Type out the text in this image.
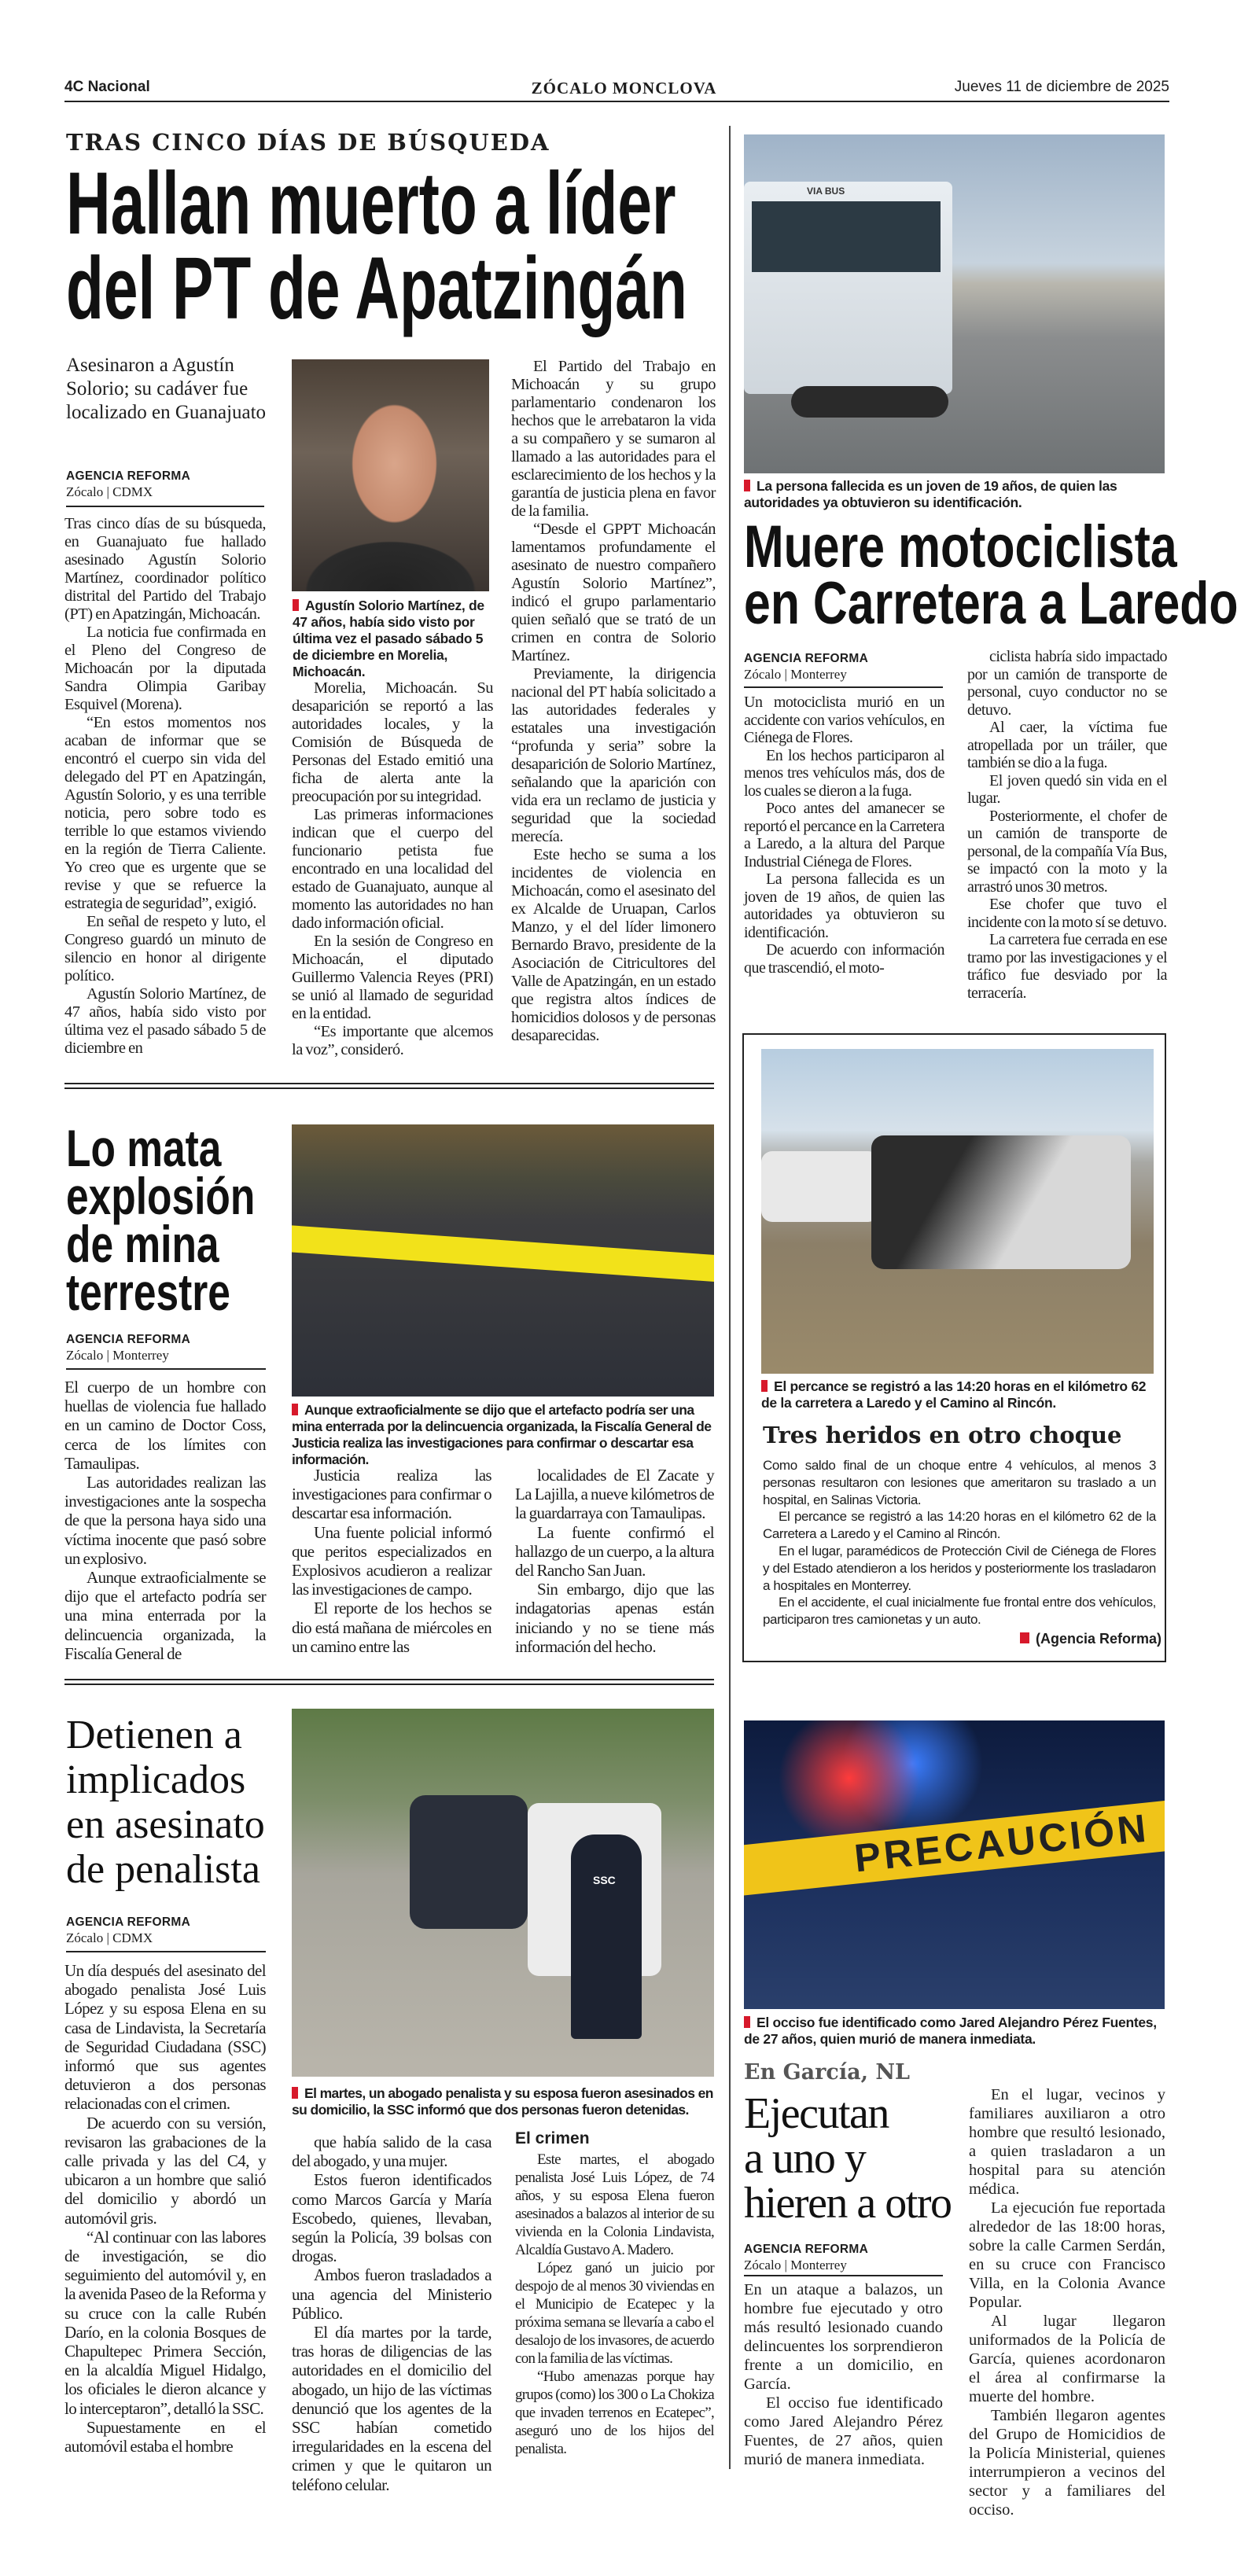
4C Nacional	ZÓCALO MONCLOVA	Jueves 11 de diciembre de 2025
TRAS CINCO DÍAS DE BÚSQUEDA
Hallan muerto a líder
del PT de Apatzingán
Asesinaron a Agustín Solorio; su cadáver fue localizado en Guanajuato
AGENCIA REFORMA
Zócalo | CDMX

Tras cinco días de su búsqueda, en Guanajuato fue hallado asesinado Agustín Solorio Martínez, coordinador político distrital del Partido del Trabajo (PT) en Apatzingán, Michoacán.

La noticia fue confirmada en el Pleno del Congreso de Michoacán por la diputada Sandra Olimpia Garibay Esquivel (Morena).

“En estos momentos nos acaban de informar que se encontró el cuerpo sin vida del delegado del PT en Apatzingán, Agustín Solorio, y es una terrible noticia, pero sobre todo es terrible lo que estamos viviendo en la región de Tierra Caliente. Yo creo que es urgente que se revise y que se refuerce la estrategia de seguridad”, exigió.

En señal de respeto y luto, el Congreso guardó un minuto de silencio en honor al dirigente político.

Agustín Solorio Martínez, de 47 años, había sido visto por última vez el pasado sábado 5 de diciembre en

Agustín Solorio Martínez, de 47 años, había sido visto por última vez el pasado sábado 5 de diciembre en Morelia, Michoacán.

Morelia, Michoacán. Su desaparición se reportó a las autoridades locales, y la Comisión de Búsqueda de Personas del Estado emitió una ficha de alerta ante la preocupación por su integridad.

Las primeras informaciones indican que el cuerpo del funcionario petista fue encontrado en una localidad del estado de Guanajuato, aunque al momento las autoridades no han dado información oficial.

En la sesión de Congreso en Michoacán, el diputado Guillermo Valencia Reyes (PRI) se unió al llamado de seguridad en la entidad.

“Es importante que alcemos la voz”, consideró.

El Partido del Trabajo en Michoacán y su grupo parlamentario condenaron los hechos que le arrebataron la vida a su compañero y se sumaron al llamado a las autoridades para el esclarecimiento de los hechos y la garantía de justicia plena en favor de la familia.

“Desde el GPPT Michoacán lamentamos profundamente el asesinato de nuestro compañero Agustín Solorio Martínez”, indicó el grupo parlamentario quien señaló que se trató de un crimen en contra de Solorio Martínez.

Previamente, la dirigencia nacional del PT había solicitado a las autoridades federales y estatales una investigación “profunda y seria” sobre la desaparición de Solorio Martínez, señalando que la aparición con vida era un reclamo de justicia y seguridad que la sociedad merecía.

Este hecho se suma a los incidentes de violencia en Michoacán, como el asesinato del ex Alcalde de Uruapan, Carlos Manzo, y el del líder limonero Bernardo Bravo, presidente de la Asociación de Citricultores del Valle de Apatzingán, en un estado que registra altos índices de homicidios dolosos y de personas desaparecidas.

VIA BUS
La persona fallecida es un joven de 19 años, de quien las autoridades ya obtuvieron su identificación.
Muere motociclista
en Carretera a Laredo
AGENCIA REFORMA
Zócalo | Monterrey

Un motociclista murió en un accidente con varios vehículos, en Ciénega de Flores.

En los hechos participaron al menos tres vehículos más, dos de los cuales se dieron a la fuga.

Poco antes del amanecer se reportó el percance en la Carretera a Laredo, a la altura del Parque Industrial Ciénega de Flores.

La persona fallecida es un joven de 19 años, de quien las autoridades ya obtuvieron su identificación.

De acuerdo con información que trascendió, el moto-

ciclista habría sido impactado por un camión de transporte de personal, cuyo conductor no se detuvo.

Al caer, la víctima fue atropellada por un tráiler, que también se dio a la fuga.

El joven quedó sin vida en el lugar.

Posteriormente, el chofer de un camión de transporte de personal, de la compañía Vía Bus, se impactó con la moto y la arrastró unos 30 metros.

Ese chofer que tuvo el incidente con la moto sí se detuvo.

La carretera fue cerrada en ese tramo por las investigaciones y el tráfico fue desviado por la terracería.

El percance se registró a las 14:20 horas en el kilómetro 62 de la carretera a Laredo y el Camino al Rincón.
Tres heridos en otro choque

Como saldo final de un choque entre 4 vehículos, al menos 3 personas resultaron con lesiones que ameritaron su traslado a un hospital, en Salinas Victoria.

El percance se registró a las 14:20 horas en el kilómetro 62 de la Carretera a Laredo y el Camino al Rincón.

En el lugar, paramédicos de Protección Civil de Ciénega de Flores y del Estado atendieron a los heridos y posteriormente los trasladaron a hospitales en Monterrey.

En el accidente, el cual inicialmente fue frontal entre dos vehículos, participaron tres camionetas y un auto.

(Agencia Reforma)
Lo mata
explosión
de mina
terrestre
AGENCIA REFORMA
Zócalo | Monterrey

El cuerpo de un hombre con huellas de violencia fue hallado en un camino de Doctor Coss, cerca de los límites con Tamaulipas.

Las autoridades realizan las investigaciones ante la sospecha de que la persona haya sido una víctima inocente que pasó sobre un explosivo.

Aunque extraoficialmente se dijo que el artefacto podría ser una mina enterrada por la delincuencia organizada, la Fiscalía General de

Aunque extraoficialmente se dijo que el artefacto podría ser una mina enterrada por la delincuencia organizada, la Fiscalía General de Justicia realiza las investigaciones para confirmar o descartar esa información.

Justicia realiza las investigaciones para confirmar o descartar esa información.

Una fuente policial informó que peritos especializados en Explosivos acudieron a realizar las investigaciones de campo.

El reporte de los hechos se dio está mañana de miércoles en un camino entre las

localidades de El Zacate y La Lajilla, a nueve kilómetros de la guardarraya con Tamaulipas.

La fuente confirmó el hallazgo de un cuerpo, a la altura del Rancho San Juan.

Sin embargo, dijo que las indagatorias apenas están iniciando y no se tiene más información del hecho.

Detienen a
implicados
en asesinato
de penalista
AGENCIA REFORMA
Zócalo | CDMX

Un día después del asesinato del abogado penalista José Luis López y su esposa Elena en su casa de Lindavista, la Secretaría de Seguridad Ciudadana (SSC) informó que sus agentes detuvieron a dos personas relacionadas con el crimen.

De acuerdo con su versión, revisaron las grabaciones de la calle privada y las del C4, y ubicaron a un hombre que salió del domicilio y abordó un automóvil gris.

“Al continuar con las labores de investigación, se dio seguimiento del automóvil y, en la avenida Paseo de la Reforma y su cruce con la calle Rubén Darío, en la colonia Bosques de Chapultepec Primera Sección, en la alcaldía Miguel Hidalgo, los oficiales le dieron alcance y lo interceptaron”, detalló la SSC.

Supuestamente en el automóvil estaba el hombre

SSC
El martes, un abogado penalista y su esposa fueron asesinados en su domicilio, la SSC informó que dos personas fueron detenidas.

que había salido de la casa del abogado, y una mujer.

Estos fueron identificados como Marcos García y María Escobedo, quienes, llevaban, según la Policía, 39 bolsas con drogas.

Ambos fueron trasladados a una agencia del Ministerio Público.

El día martes por la tarde, tras horas de diligencias de las autoridades en el domicilio del abogado, un hijo de las víctimas denunció que los agentes de la SSC habían cometido irregularidades en la escena del crimen y que le quitaron un teléfono celular.

El crimen

Este martes, el abogado penalista José Luis López, de 74 años, y su esposa Elena fueron asesinados a balazos al interior de su vivienda en la Colonia Lindavista, Alcaldía Gustavo A. Madero.

López ganó un juicio por despojo de al menos 30 viviendas en el Municipio de Ecatepec y la próxima semana se llevaría a cabo el desalojo de los invasores, de acuerdo con la familia de las víctimas.

“Hubo amenazas porque hay grupos (como) los 300 o La Chokiza que invaden terrenos en Ecatepec”, aseguró uno de los hijos del penalista.

PRECAUCIÓN
El occiso fue identificado como Jared Alejandro Pérez Fuentes, de 27 años, quien murió de manera inmediata.
En García, NL
Ejecutan
a uno y
hieren a otro
AGENCIA REFORMA
Zócalo | Monterrey

En un ataque a balazos, un hombre fue ejecutado y otro más resultó lesionado cuando delincuentes los sorprendieron frente a un domicilio, en García.

El occiso fue identificado como Jared Alejandro Pérez Fuentes, de 27 años, quien murió de manera inmediata.

En el lugar, vecinos y familiares auxiliaron a otro hombre que resultó lesionado, a quien trasladaron a un hospital para su atención médica.

La ejecución fue reportada alrededor de las 18:00 horas, sobre la calle Carmen Serdán, en su cruce con Francisco Villa, en la Colonia Avance Popular.

Al lugar llegaron uniformados de la Policía de García, quienes acordonaron el área al confirmarse la muerte del hombre.

También llegaron agentes del Grupo de Homicidios de la Policía Ministerial, quienes interrumpieron a vecinos del sector y a familiares del occiso.
